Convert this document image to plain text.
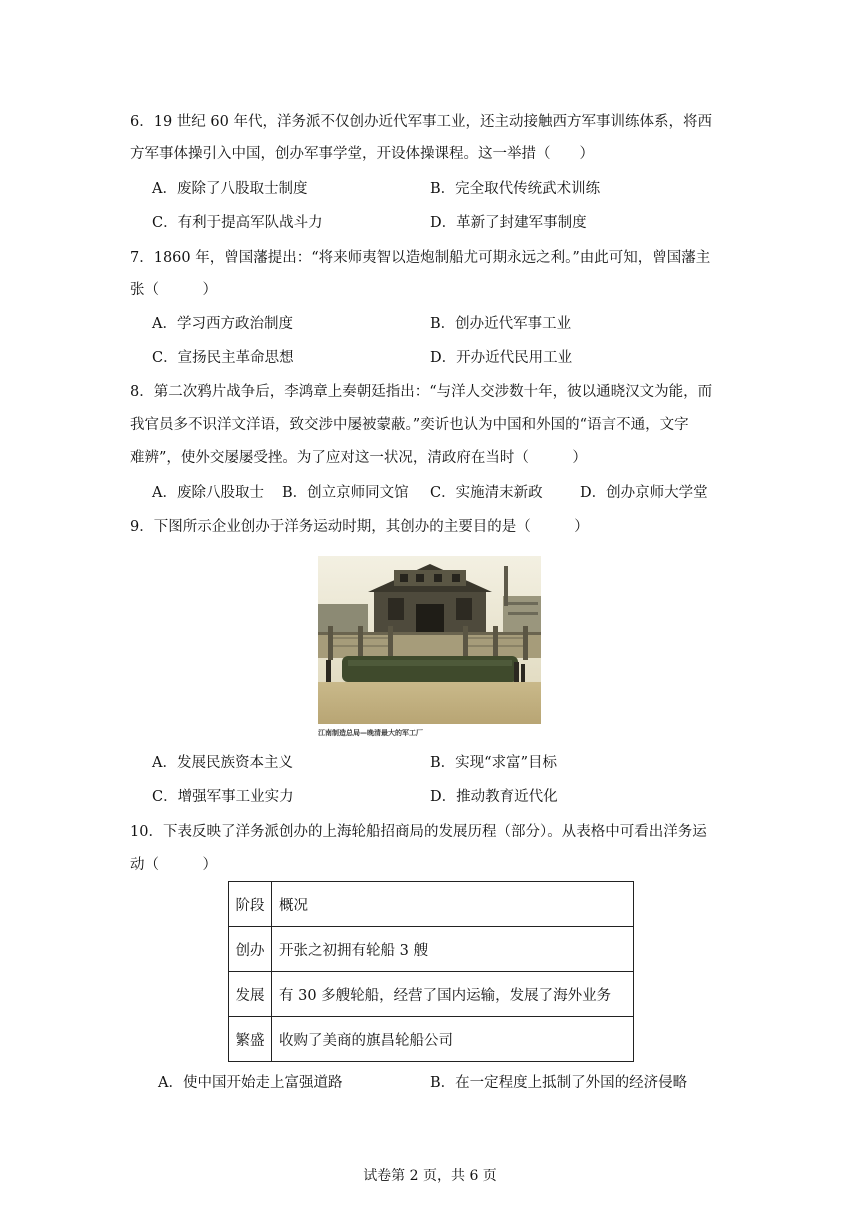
6．19 世纪 60 年代，洋务派不仅创办近代军事工业，还主动接触西方军事训练体系，将西
方军事体操引入中国，创办军事学堂，开设体操课程。这一举措（　　）
A．废除了八股取士制度	B．完全取代传统武术训练
C．有利于提高军队战斗力	D．革新了封建军事制度
7．1860 年，曾国藩提出：“将来师夷智以造炮制船尤可期永远之利。”由此可知，曾国藩主
张（　　　）
A．学习西方政治制度	B．创办近代军事工业
C．宣扬民主革命思想	D．开办近代民用工业
8．第二次鸦片战争后，李鸿章上奏朝廷指出：“与洋人交涉数十年，彼以通晓汉文为能，而
我官员多不识洋文洋语，致交涉中屡被蒙蔽。”奕䜣也认为中国和外国的“语言不通，文字
难辨”，使外交屡屡受挫。为了应对这一状况，清政府在当时（　　　）
A．废除八股取士 B．创立京师同文馆 C．实施清末新政	D．创办京师大学堂
9．下图所示企业创办于洋务运动时期，其创办的主要目的是（　　　）
江南制造总局—晚清最大的军工厂
A．发展民族资本主义	B．实现“求富”目标
C．增强军事工业实力	D．推动教育近代化
10．下表反映了洋务派创办的上海轮船招商局的发展历程（部分）。从表格中可看出洋务运
动（　　　）
阶段	概况
创办	开张之初拥有轮船 3 艘
发展	有 30 多艘轮船，经营了国内运输，发展了海外业务
繁盛	收购了美商的旗昌轮船公司
A．使中国开始走上富强道路	B．在一定程度上抵制了外国的经济侵略
试卷第 2 页，共 6 页
